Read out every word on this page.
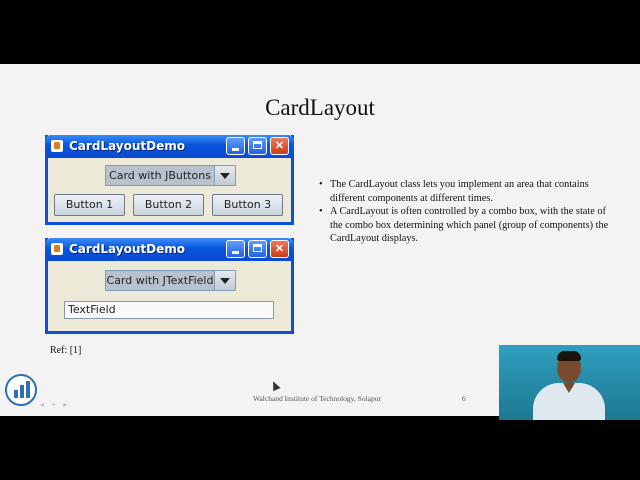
CardLayout
CardLayoutDemo	✕
Card with JButtons
Button 1	Button 2	Button 3
CardLayoutDemo	✕
Card with JTextField
TextField
• The CardLayout class lets you implement an area that contains different components at different times.
• A CardLayout is often controlled by a combo box, with the state of the combo box determining which panel (group of components) the CardLayout displays.
Ref: [1]
Walchand Institute of Technology, Solapur	6
◂ ▪ ▸
